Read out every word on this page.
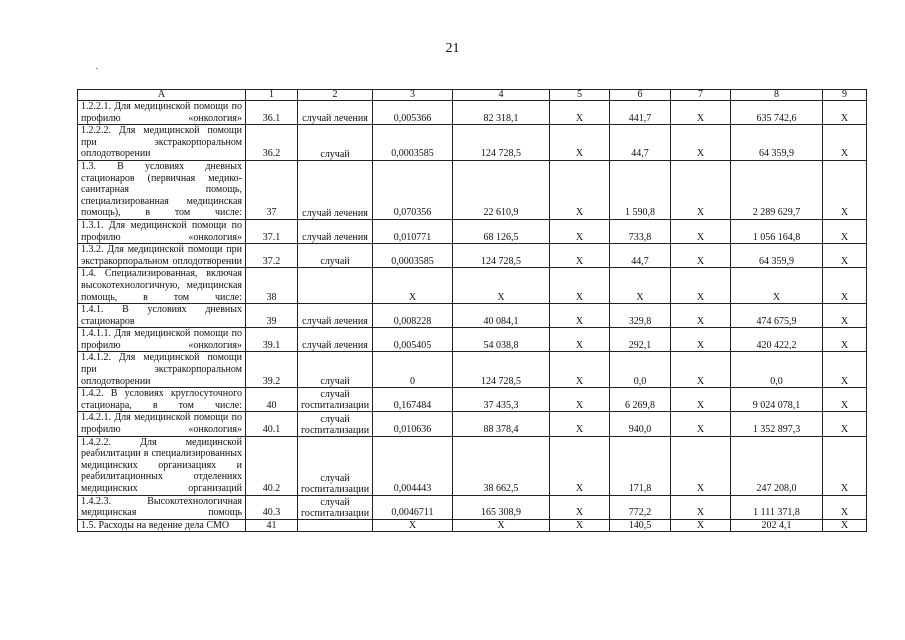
21
А	1	2	3	4	5	6	7	8	9
1.2.2.1. Для медицинской помощи по профилю «онкология»	36.1	случай лечения	0,005366	82 318,1	Х	441,7	Х	635 742,6	Х
1.2.2.2. Для медицинской помощи при экстракорпоральном оплодотворении	36.2	случай	0,0003585	124 728,5	Х	44,7	Х	64 359,9	Х
1.3. В условиях дневных стационаров (первичная медико-санитарная помощь, специализированная медицинская помощь), в том числе:	37	случай лечения	0,070356	22 610,9	Х	1 590,8	Х	2 289 629,7	Х
1.3.1. Для медицинской помощи по профилю «онкология»	37.1	случай лечения	0,010771	68 126,5	Х	733,8	Х	1 056 164,8	Х
1.3.2. Для медицинской помощи при экстракорпоральном оплодотворении	37.2	случай	0,0003585	124 728,5	Х	44,7	Х	64 359,9	Х
1.4. Специализированная, включая высокотехнологичную, медицинская помощь, в том числе:	38		Х	Х	Х	Х	Х	Х	Х
1.4.1. В условиях дневных стационаров	39	случай лечения	0,008228	40 084,1	Х	329,8	Х	474 675,9	Х
1.4.1.1. Для медицинской помощи по профилю «онкология»	39.1	случай лечения	0,005405	54 038,8	Х	292,1	Х	420 422,2	Х
1.4.1.2. Для медицинской помощи при экстракорпоральном оплодотворении	39.2	случай	0	124 728,5	Х	0,0	Х	0,0	Х
1.4.2. В условиях круглосуточного стационара, в том числе:	40	случай госпитализации	0,167484	37 435,3	Х	6 269,8	Х	9 024 078,1	Х
1.4.2.1. Для медицинской помощи по профилю «онкология»	40.1	случай госпитализации	0,010636	88 378,4	Х	940,0	Х	1 352 897,3	Х
1.4.2.2. Для медицинской реабилитации в специализированных медицинских организациях и реабилитационных отделениях медицинских организаций	40.2	случай госпитализации	0,004443	38 662,5	Х	171,8	Х	247 208,0	Х
1.4.2.3. Высокотехнологичная медицинская помощь	40.3	случай госпитализации	0,0046711	165 308,9	Х	772,2	Х	1 111 371,8	Х
1.5. Расходы на ведение дела СМО	41		Х	Х	Х	140,5	Х	202 4,1	Х
